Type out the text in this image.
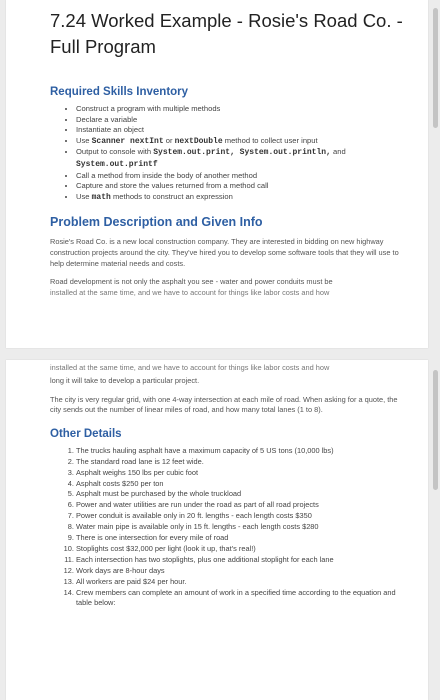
7.24 Worked Example - Rosie's Road Co. - Full Program
Required Skills Inventory
• Construct a program with multiple methods
• Declare a variable
• Instantiate an object
• Use Scanner nextInt or nextDouble method to collect user input
• Output to console with System.out.print, System.out.println, and
System.out.printf
• Call a method from inside the body of another method
• Capture and store the values returned from a method call
• Use math methods to construct an expression
Problem Description and Given Info

Rosie's Road Co. is a new local construction company. They are interested in bidding on new highway construction projects around the city. They've hired you to develop some software tools that they will use to help determine material needs and costs.

Road development is not only the asphalt you see - water and power conduits must be

installed at the same time, and we have to account for things like labor costs and how
installed at the same time, and we have to account for things like labor costs and how

long it will take to develop a particular project.

The city is very regular grid, with one 4-way intersection at each mile of road. When asking for a quote, the city sends out the number of linear miles of road, and how many total lanes (1 to 8).

Other Details
1. The trucks hauling asphalt have a maximum capacity of 5 US tons (10,000 lbs)
2. The standard road lane is 12 feet wide.
3. Asphalt weighs 150 lbs per cubic foot
4. Asphalt costs $250 per ton
5. Asphalt must be purchased by the whole truckload
6. Power and water utilities are run under the road as part of all road projects
7. Power conduit is available only in 20 ft. lengths - each length costs $350
8. Water main pipe is available only in 15 ft. lengths - each length costs $280
9. There is one intersection for every mile of road
10. Stoplights cost $32,000 per light (look it up, that's real!)
11. Each intersection has two stoplights, plus one additional stoplight for each lane
12. Work days are 8-hour days
13. All workers are paid $24 per hour.
14. Crew members can complete an amount of work in a specified time according to the equation and table below:
